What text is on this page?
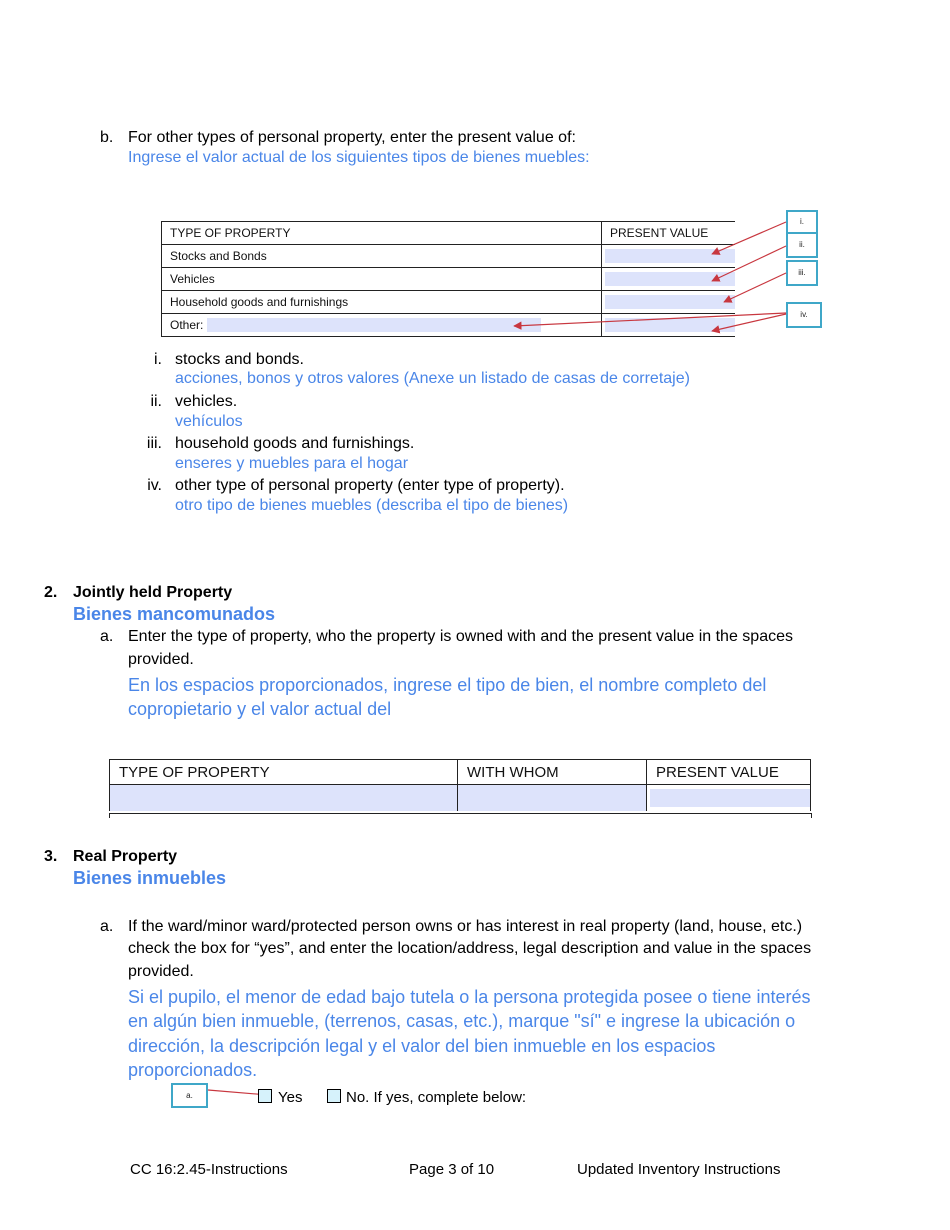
b. For other types of personal property, enter the present value of:
Ingrese el valor actual de los siguientes tipos de bienes muebles:
TYPE OF PROPERTY	PRESENT VALUE
Stocks and Bonds	
Vehicles	
Household goods and furnishings	
Other:	
i.
ii.
iii.
iv.
i. stocks and bonds.
acciones, bonos y otros valores (Anexe un listado de casas de corretaje)
ii. vehicles.
vehículos
iii. household goods and furnishings.
enseres y muebles para el hogar
iv. other type of personal property (enter type of property).
otro tipo de bienes muebles (describa el tipo de bienes)
2. Jointly held Property
Bienes mancomunados
a. Enter the type of property, who the property is owned with and the present value in the spaces
provided.
En los espacios proporcionados, ingrese el tipo de bien, el nombre completo del
copropietario y el valor actual del
TYPE OF PROPERTY	WITH WHOM	PRESENT VALUE

3. Real Property
Bienes inmuebles
a. If the ward/minor ward/protected person owns or has interest in real property (land, house, etc.)
check the box for “yes”, and enter the location/address, legal description and value in the spaces
provided.
Si el pupilo, el menor de edad bajo tutela o la persona protegida posee o tiene interés
en algún bien inmueble, (terrenos, casas, etc.), marque "sí" e ingrese la ubicación o
dirección, la descripción legal y el valor del bien inmueble en los espacios
proporcionados.
a.	Yes	No. If yes, complete below:
CC 16:2.45-Instructions	Page 3 of 10	Updated Inventory Instructions
